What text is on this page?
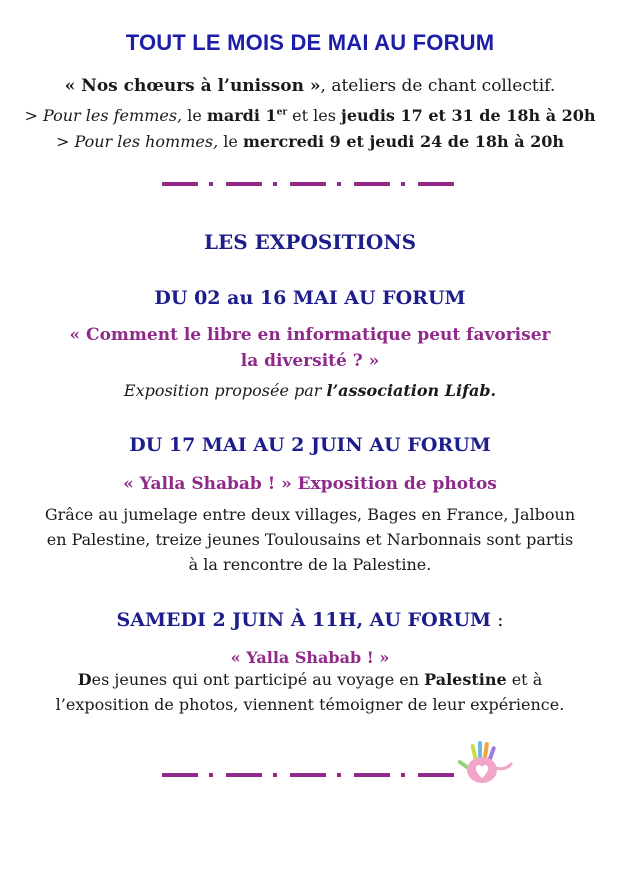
TOUT LE MOIS DE MAI AU FORUM
« Nos chœurs à l’unisson », ateliers de chant collectif.
> Pour les femmes, le mardi 1er et les jeudis 17 et 31 de 18h à 20h
> Pour les hommes, le mercredi 9 et jeudi 24 de 18h à 20h
LES EXPOSITIONS
DU 02 au 16 MAI AU FORUM
« Comment le libre en informatique peut favoriser
la diversité ? »
Exposition proposée par l’association Lifab.
DU 17 MAI AU 2 JUIN AU FORUM
« Yalla Shabab ! » Exposition de photos
Grâce au jumelage entre deux villages, Bages en France, Jalboun
en Palestine, treize jeunes Toulousains et Narbonnais sont partis
à la rencontre de la Palestine.
SAMEDI 2 JUIN À 11H, AU FORUM :
« Yalla Shabab ! »
Des jeunes qui ont participé au voyage en Palestine et à
l’exposition de photos, viennent témoigner de leur expérience.
